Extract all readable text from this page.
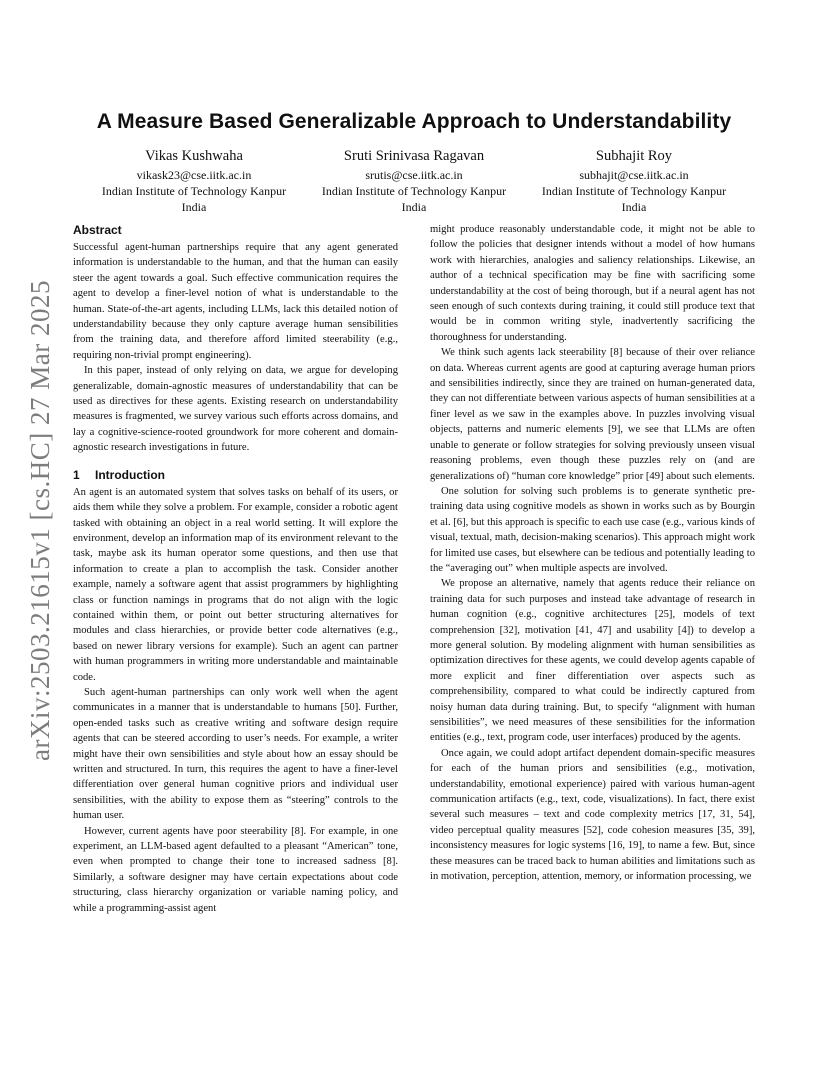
arXiv:2503.21615v1 [cs.HC] 27 Mar 2025
A Measure Based Generalizable Approach to Understandability
Vikas Kushwaha
vikask23@cse.iitk.ac.in
Indian Institute of Technology Kanpur
India
Sruti Srinivasa Ragavan
srutis@cse.iitk.ac.in
Indian Institute of Technology Kanpur
India
Subhajit Roy
subhajit@cse.iitk.ac.in
Indian Institute of Technology Kanpur
India
Abstract

Successful agent-human partnerships require that any agent generated information is understandable to the human, and that the human can easily steer the agent towards a goal. Such effective communication requires the agent to develop a finer-level notion of what is understandable to the human. State-of-the-art agents, including LLMs, lack this detailed notion of understandability because they only capture average human sensibilities from the training data, and therefore afford limited steerability (e.g., requiring non-trivial prompt engineering).

In this paper, instead of only relying on data, we argue for developing generalizable, domain-agnostic measures of understandability that can be used as directives for these agents. Existing research on understandability measures is fragmented, we survey various such efforts across domains, and lay a cognitive-science-rooted groundwork for more coherent and domain-agnostic research investigations in future.

1 Introduction

An agent is an automated system that solves tasks on behalf of its users, or aids them while they solve a problem. For example, consider a robotic agent tasked with obtaining an object in a real world setting. It will explore the environment, develop an information map of its environment relevant to the task, maybe ask its human operator some questions, and then use that information to create a plan to accomplish the task. Consider another example, namely a software agent that assist programmers by highlighting class or function namings in programs that do not align with the logic contained within them, or point out better structuring alternatives for modules and class hierarchies, or provide better code alternatives (e.g., based on newer library versions for example). Such an agent can partner with human programmers in writing more understandable and maintainable code.

Such agent-human partnerships can only work well when the agent communicates in a manner that is understandable to humans [50]. Further, open-ended tasks such as creative writing and software design require agents that can be steered according to user’s needs. For example, a writer might have their own sensibilities and style about how an essay should be written and structured. In turn, this requires the agent to have a finer-level differentiation over general human cognitive priors and individual user sensibilities, with the ability to expose them as “steering” controls to the human user.

However, current agents have poor steerability [8]. For example, in one experiment, an LLM-based agent defaulted to a pleasant “American” tone, even when prompted to change their tone to increased sadness [8]. Similarly, a software designer may have certain expectations about code structuring, class hierarchy organization or variable naming policy, and while a programming-assist agent

might produce reasonably understandable code, it might not be able to follow the policies that designer intends without a model of how humans work with hierarchies, analogies and saliency relationships. Likewise, an author of a technical specification may be fine with sacrificing some understandability at the cost of being thorough, but if a neural agent has not seen enough of such contexts during training, it could still produce text that would be in common writing style, inadvertently sacrificing the thoroughness for understanding.

We think such agents lack steerability [8] because of their over reliance on data. Whereas current agents are good at capturing average human priors and sensibilities indirectly, since they are trained on human-generated data, they can not differentiate between various aspects of human sensibilities at a finer level as we saw in the examples above. In puzzles involving visual objects, patterns and numeric elements [9], we see that LLMs are often unable to generate or follow strategies for solving previously unseen visual reasoning problems, even though these puzzles rely on (and are generalizations of) “human core knowledge” prior [49] about such elements.

One solution for solving such problems is to generate synthetic pre-training data using cognitive models as shown in works such as by Bourgin et al. [6], but this approach is specific to each use case (e.g., various kinds of visual, textual, math, decision-making scenarios). This approach might work for limited use cases, but elsewhere can be tedious and potentially leading to the “averaging out” when multiple aspects are involved.

We propose an alternative, namely that agents reduce their reliance on training data for such purposes and instead take advantage of research in human cognition (e.g., cognitive architectures [25], models of text comprehension [32], motivation [41, 47] and usability [4]) to develop a more general solution. By modeling alignment with human sensibilities as optimization directives for these agents, we could develop agents capable of more explicit and finer differentiation over aspects such as comprehensibility, compared to what could be indirectly captured from noisy human data during training. But, to specify “alignment with human sensibilities”, we need measures of these sensibilities for the information entities (e.g., text, program code, user interfaces) produced by the agents.

Once again, we could adopt artifact dependent domain-specific measures for each of the human priors and sensibilities (e.g., motivation, understandability, emotional experience) paired with various human-agent communication artifacts (e.g., text, code, visualizations). In fact, there exist several such measures – text and code complexity metrics [17, 31, 54], video perceptual quality measures [52], code cohesion measures [35, 39], inconsistency measures for logic systems [16, 19], to name a few. But, since these measures can be traced back to human abilities and limitations such as in motivation, perception, attention, memory, or information processing, we
